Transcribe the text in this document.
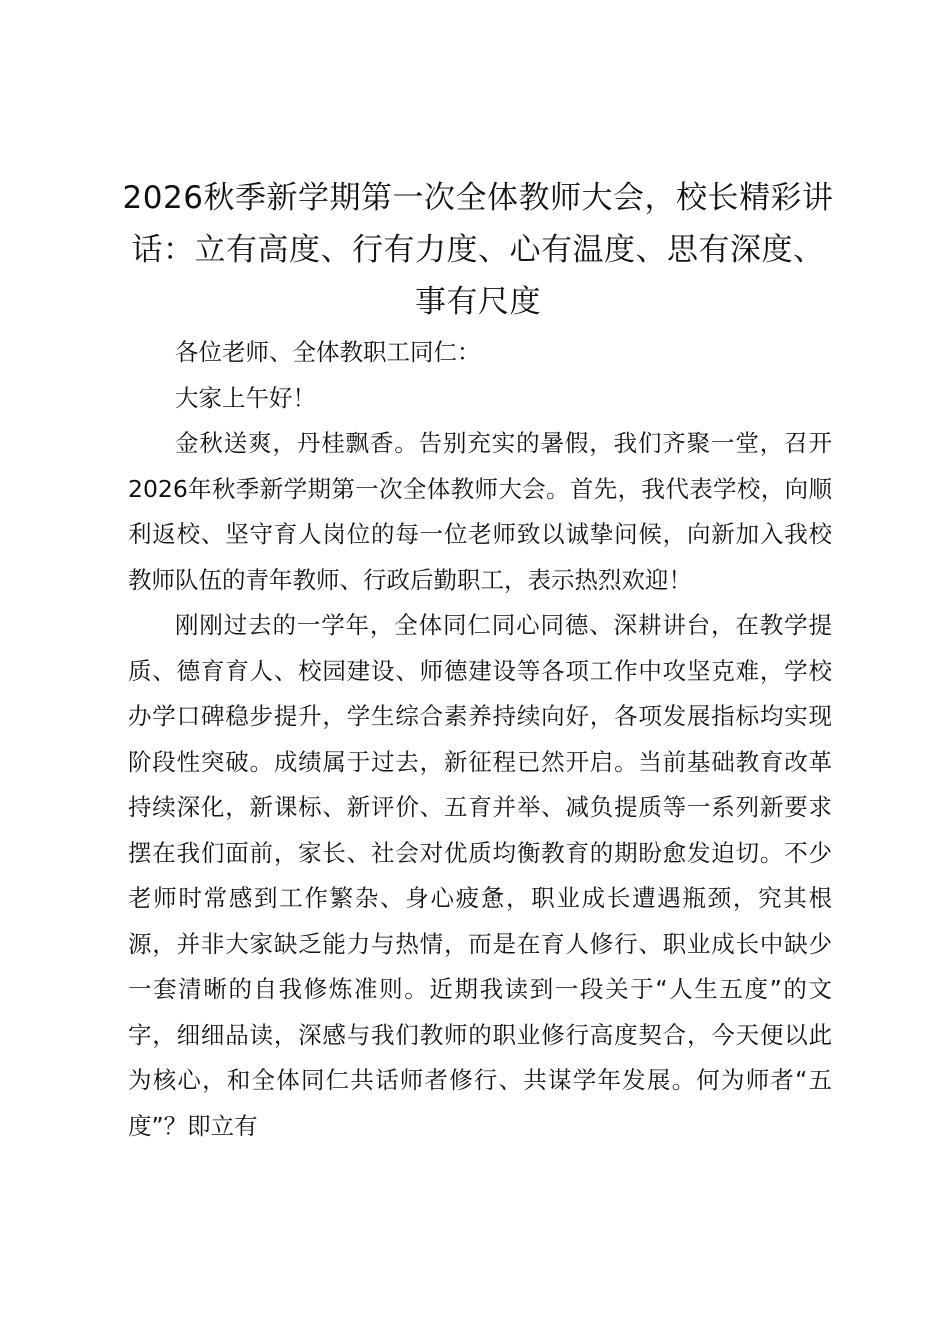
2026秋季新学期第一次全体教师大会，校长精彩讲话：立有高度、行有力度、心有温度、思有深度、事有尺度

各位老师、全体教职工同仁：

大家上午好！

金秋送爽，丹桂飘香。告别充实的暑假，我们齐聚一堂，召开2026年秋季新学期第一次全体教师大会。首先，我代表学校，向顺利返校、坚守育人岗位的每一位老师致以诚挚问候，向新加入我校教师队伍的青年教师、行政后勤职工，表示热烈欢迎！

刚刚过去的一学年，全体同仁同心同德、深耕讲台，在教学提质、德育育人、校园建设、师德建设等各项工作中攻坚克难，学校办学口碑稳步提升，学生综合素养持续向好，各项发展指标均实现阶段性突破。成绩属于过去，新征程已然开启。当前基础教育改革持续深化，新课标、新评价、五育并举、减负提质等一系列新要求摆在我们面前，家长、社会对优质均衡教育的期盼愈发迫切。不少老师时常感到工作繁杂、身心疲惫，职业成长遭遇瓶颈，究其根源，并非大家缺乏能力与热情，而是在育人修行、职业成长中缺少一套清晰的自我修炼准则。近期我读到一段关于“人生五度”的文字，细细品读，深感与我们教师的职业修行高度契合，今天便以此为核心，和全体同仁共话师者修行、共谋学年发展。何为师者“五度”？即立有
